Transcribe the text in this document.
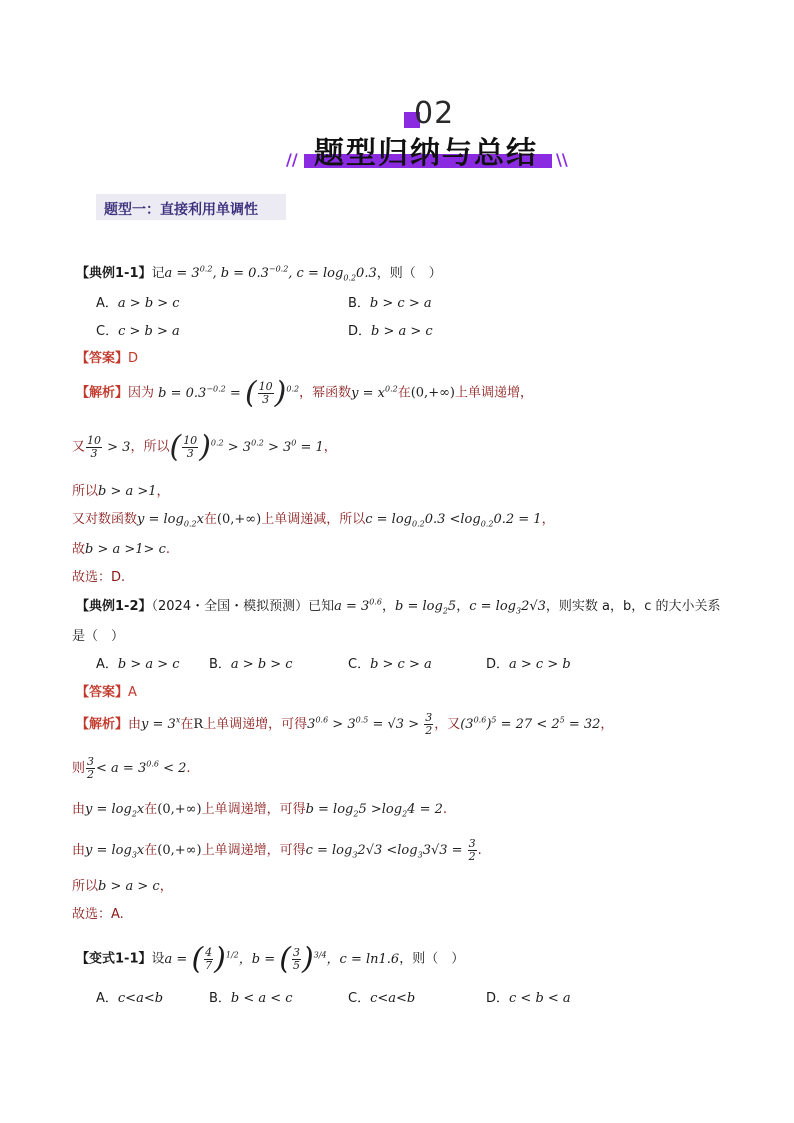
02
// 题型归纳与总结 \\
题型一：直接利用单调性
【典例1-1】记$a = 3^{0.2}$, $b = 0.3^{-0.2}$, $c = \log_{0.2}0.3$，则（　）
A．a > b > c	B．b > c > a
C．c > b > a	D．b > a > c
【答案】D
【解析】因为 $b = 0.3^{-0.2}$ = ( $\frac{10}{3} )^{0.2}$，幂函数$y = x^{0.2}$在(0,+∞)上单调递增，
又 $\frac{10}{3} > 3$，所以( $\frac{10}{3} )^{0.2} > 3^{0.2} > 3^0 = 1$，
所以b > a >1，
又对数函数$y = \log_{0.2}x$在(0,+∞)上单调递减，所以$c = \log_{0.2}0.3 <\log_{0.2}0.2 = 1$，
故b > a >1> c.
故选：D.
【典例1-2】（2024・全国・模拟预测）已知$a = 3^{0.6}$，$b = \log_25$，$c = \log_32√3$，则实数 a，b，c 的大小关系
是（　）
A．b > a > c B．a > b > c	C．b > c > a	D．a > c > b
【答案】A
【解析】由$y = 3^x$在R上单调递增，可得$3^{0.6} > 3^{0.5} = √3 > \frac{3}{2}$ ，又$(3^{0.6})^5 = 27 < 2^5 = 32$，
则 $\frac{3}{2} < a = 3^{0.6} < 2$.
由$y = \log_2x$在(0,+∞)上单调递增，可得$b = \log_25 >\log_24 = 2$.
由$y = \log_3x$在(0,+∞)上单调递增，可得$c = \log_32√3 <\log_33√3 = \frac{3}{2}$ .
所以b > a > c，
故选：A.
【变式1-1】设a = ( $\frac{4}{7} )^{1/2}$，b = ( $\frac{3}{5} )^{3/4}$，c = ln1.6，则（　）
A．c<a<b	B．b < a < c	C．c<a<b	D．c < b < a
